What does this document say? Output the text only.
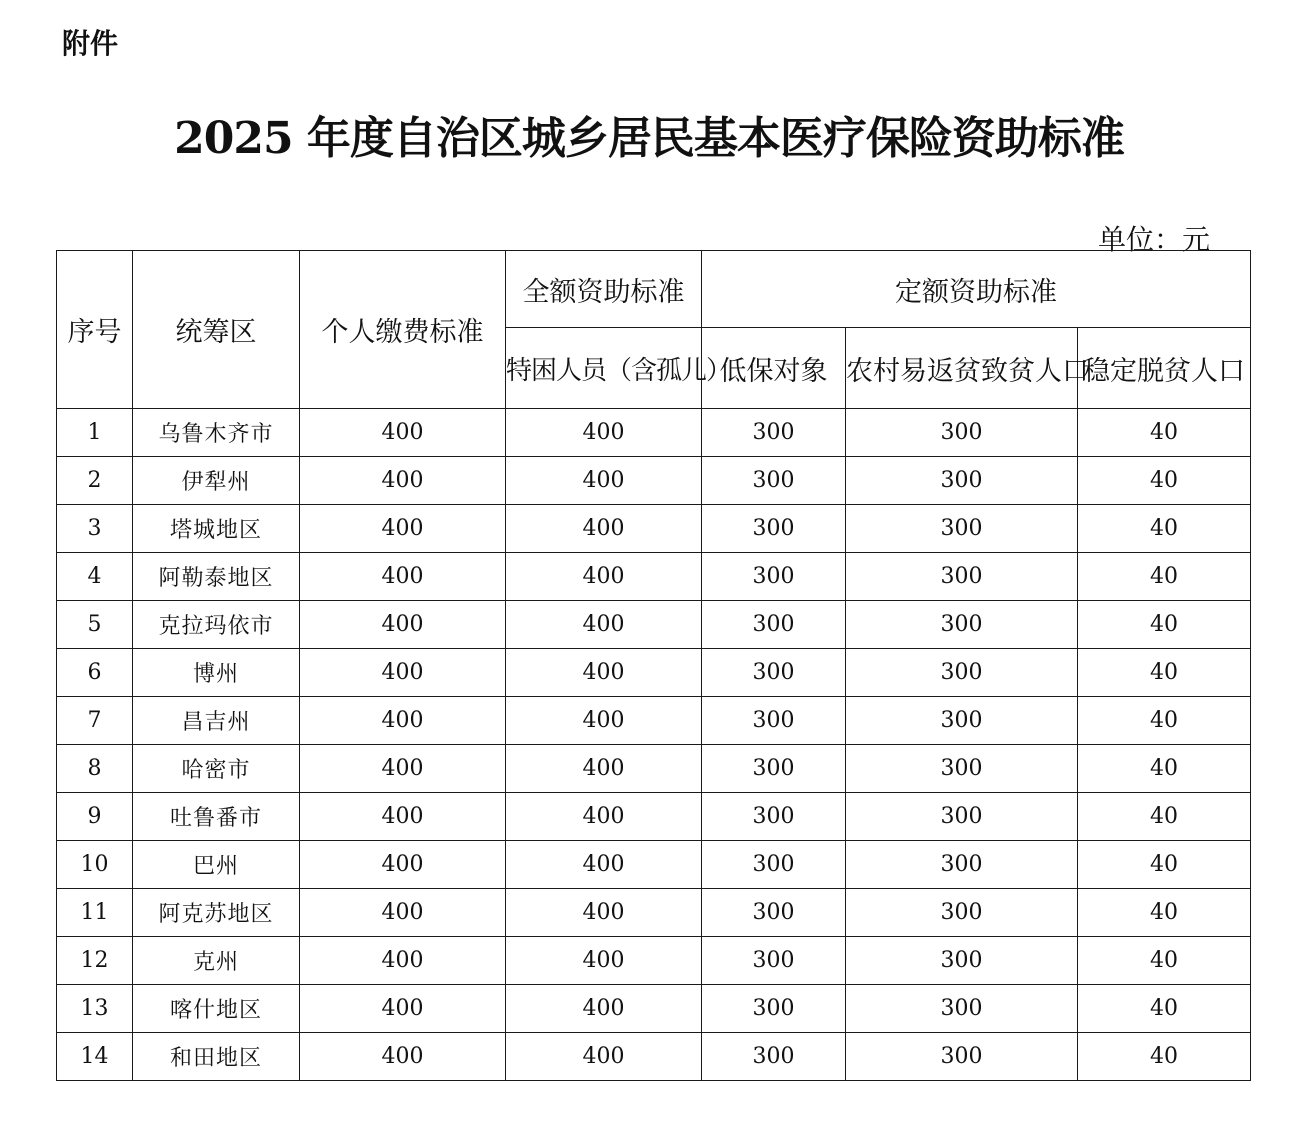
附件
2025 年度自治区城乡居民基本医疗保险资助标准
单位：元
序号	统筹区	个人缴费标准	全额资助标准	定额资助标准		
			特困人员（含孤儿）	低保对象	农村易返贫致贫人口	稳定脱贫人口
1	乌鲁木齐市	400	400	300	300	40
2	伊犁州	400	400	300	300	40
3	塔城地区	400	400	300	300	40
4	阿勒泰地区	400	400	300	300	40
5	克拉玛依市	400	400	300	300	40
6	博州	400	400	300	300	40
7	昌吉州	400	400	300	300	40
8	哈密市	400	400	300	300	40
9	吐鲁番市	400	400	300	300	40
10	巴州	400	400	300	300	40
11	阿克苏地区	400	400	300	300	40
12	克州	400	400	300	300	40
13	喀什地区	400	400	300	300	40
14	和田地区	400	400	300	300	40
